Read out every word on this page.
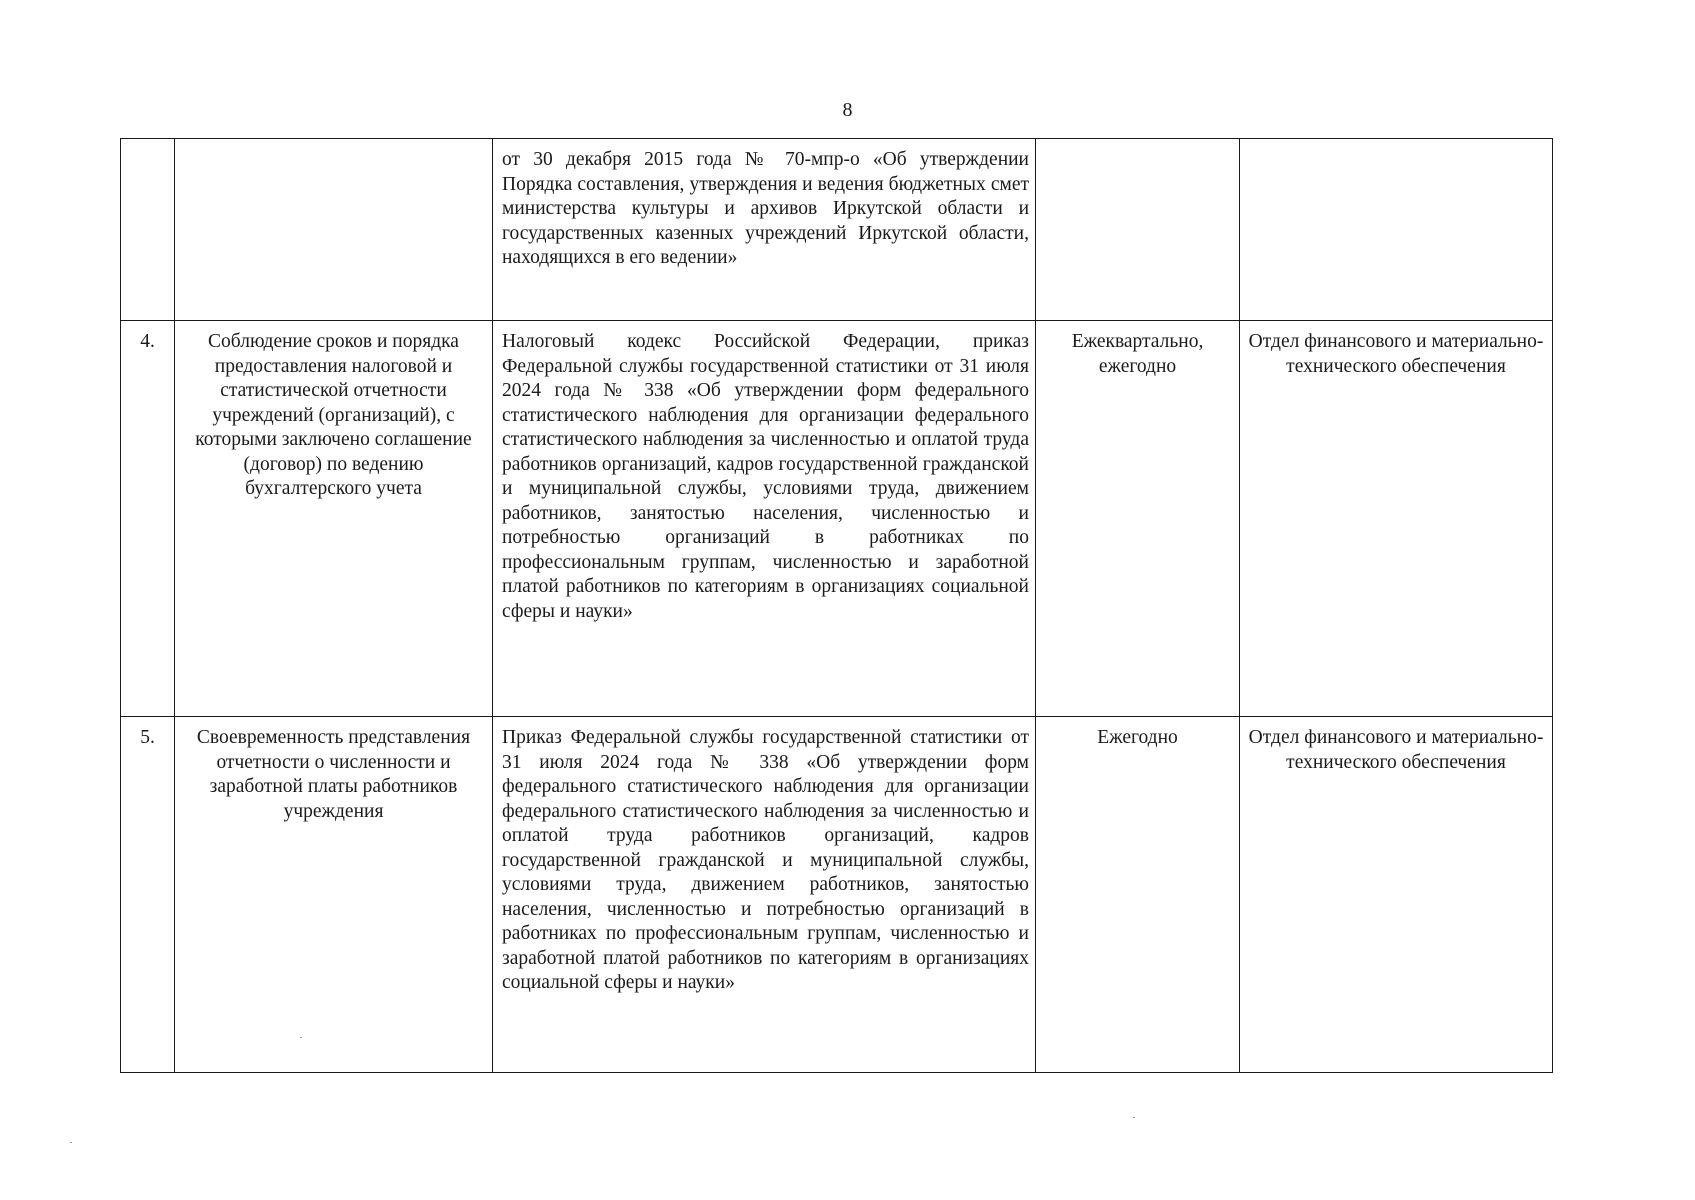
8
		от 30 декабря 2015 года № 70-мпр-о «Об утверждении Порядка составления, утверждения и ведения бюджетных смет министерства культуры и архивов Иркутской области и государственных казенных учреждений Иркутской области, находящихся в его ведении»		
4.	Соблюдение сроков и порядка предоставления налоговой и статистической отчетности учреждений (организаций), с которыми заключено соглашение (договор) по ведению бухгалтерского учета	Налоговый кодекс Российской Федерации, приказ Федеральной службы государственной статистики от 31 июля 2024 года № 338 «Об утверждении форм федерального статистического наблюдения для организации федерального статистического наблюдения за численностью и оплатой труда работников организаций, кадров государственной гражданской и муниципальной службы, условиями труда, движением работников, занятостью населения, численностью и потребностью организаций в работниках по профессиональным группам, численностью и заработной платой работников по категориям в организациях социальной сферы и науки»	Ежеквартально, ежегодно	Отдел финансового и материально-технического обеспечения
5.	Своевременность представления отчетности о численности и заработной платы работников учреждения	Приказ Федеральной службы государственной статистики от 31 июля 2024 года № 338 «Об утверждении форм федерального статистического наблюдения для организации федерального статистического наблюдения за численностью и оплатой труда работников организаций, кадров государственной гражданской и муниципальной службы, условиями труда, движением работников, занятостью населения, численностью и потребностью организаций в работниках по профессиональным группам, численностью и заработной платой работников по категориям в организациях социальной сферы и науки»	Ежегодно	Отдел финансового и материально-технического обеспечения
